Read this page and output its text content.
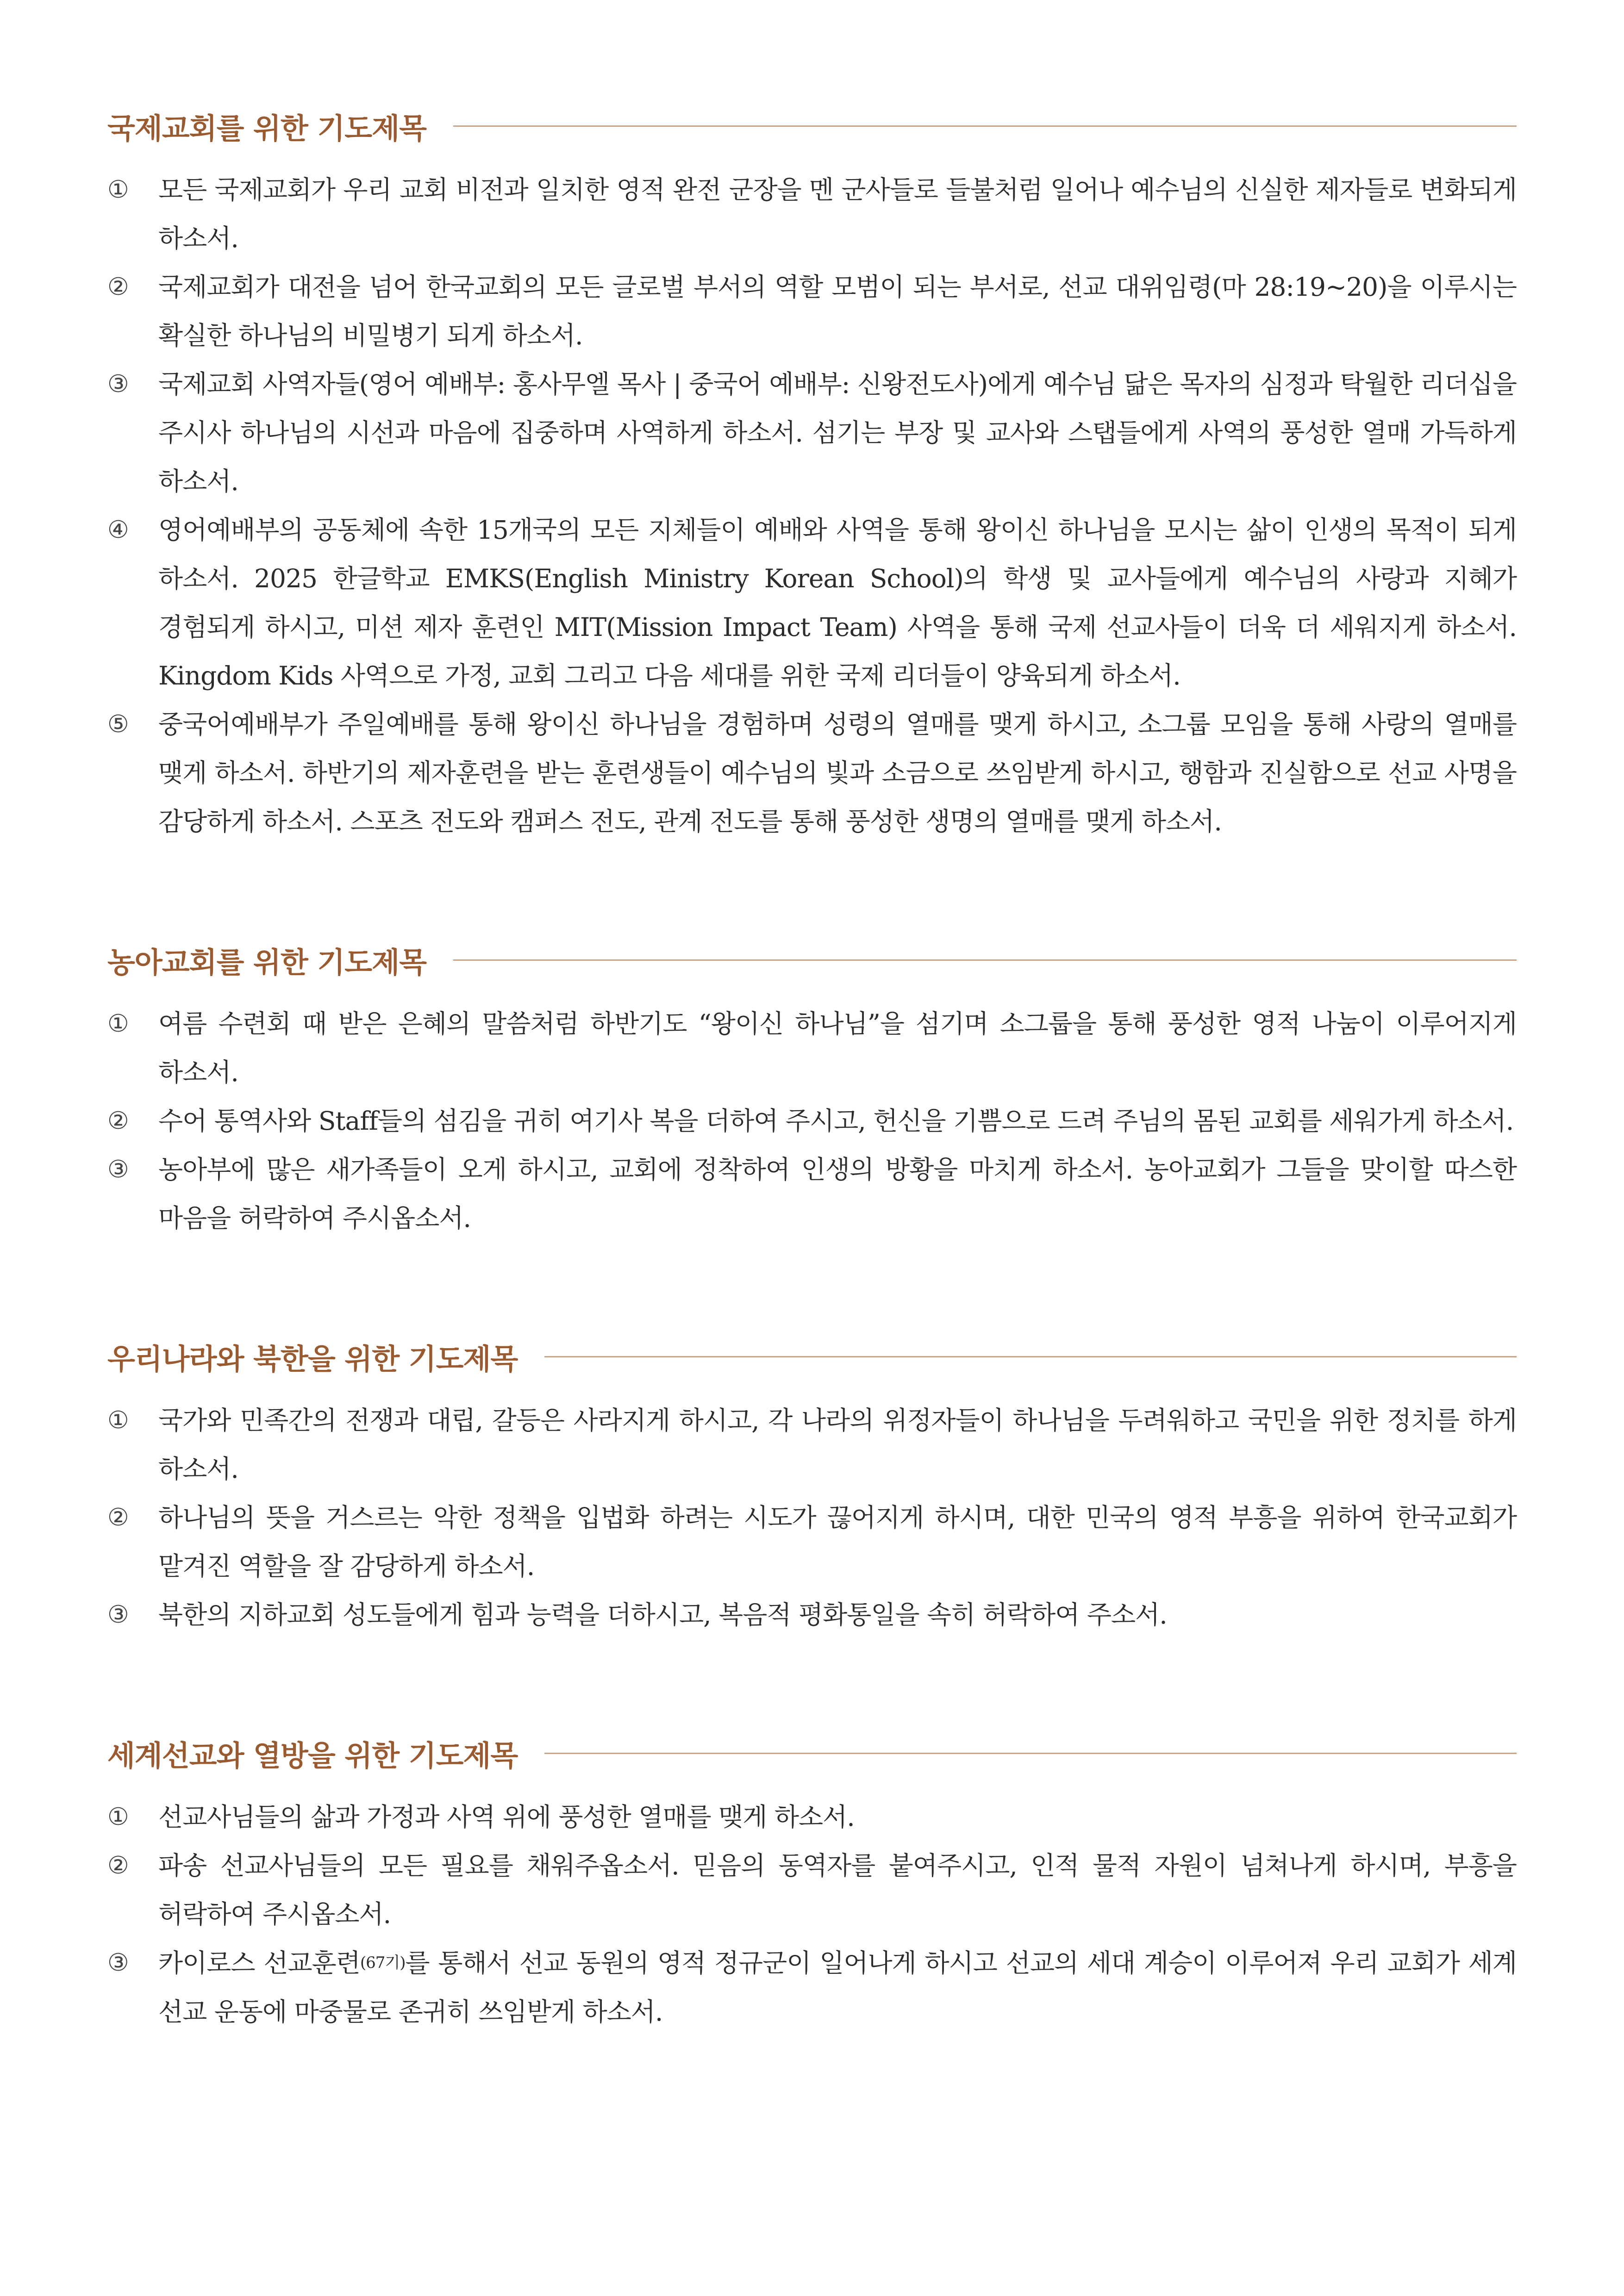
국제교회를 위한 기도제목
①	모든 국제교회가 우리 교회 비전과 일치한 영적 완전 군장을 멘 군사들로 들불처럼 일어나 예수님의 신실한 제자들로 변화되게 하소서.
②	국제교회가 대전을 넘어 한국교회의 모든 글로벌 부서의 역할 모범이 되는 부서로, 선교 대위임령(마 28:19~20)을 이루시는 확실한 하나님의 비밀병기 되게 하소서.
③	국제교회 사역자들(영어 예배부: 홍사무엘 목사 | 중국어 예배부: 신왕전도사)에게 예수님 닮은 목자의 심정과 탁월한 리더십을 주시사 하나님의 시선과 마음에 집중하며 사역하게 하소서. 섬기는 부장 및 교사와 스탭들에게 사역의 풍성한 열매 가득하게 하소서.
④	영어예배부의 공동체에 속한 15개국의 모든 지체들이 예배와 사역을 통해 왕이신 하나님을 모시는 삶이 인생의 목적이 되게 하소서. 2025 한글학교 EMKS(English Ministry Korean School)의 학생 및 교사들에게 예수님의 사랑과 지혜가 경험되게 하시고, 미션 제자 훈련인 MIT(Mission Impact Team) 사역을 통해 국제 선교사들이 더욱 더 세워지게 하소서. Kingdom Kids 사역으로 가정, 교회 그리고 다음 세대를 위한 국제 리더들이 양육되게 하소서.
⑤	중국어예배부가 주일예배를 통해 왕이신 하나님을 경험하며 성령의 열매를 맺게 하시고, 소그룹 모임을 통해 사랑의 열매를 맺게 하소서. 하반기의 제자훈련을 받는 훈련생들이 예수님의 빛과 소금으로 쓰임받게 하시고, 행함과 진실함으로 선교 사명을 감당하게 하소서. 스포츠 전도와 캠퍼스 전도, 관계 전도를 통해 풍성한 생명의 열매를 맺게 하소서.
농아교회를 위한 기도제목
①	여름 수련회 때 받은 은혜의 말씀처럼 하반기도 “왕이신 하나님”을 섬기며 소그룹을 통해 풍성한 영적 나눔이 이루어지게 하소서.
②	수어 통역사와 Staff들의 섬김을 귀히 여기사 복을 더하여 주시고, 헌신을 기쁨으로 드려 주님의 몸된 교회를 세워가게 하소서.
③	농아부에 많은 새가족들이 오게 하시고, 교회에 정착하여 인생의 방황을 마치게 하소서. 농아교회가 그들을 맞이할 따스한 마음을 허락하여 주시옵소서.
우리나라와 북한을 위한 기도제목
①	국가와 민족간의 전쟁과 대립, 갈등은 사라지게 하시고, 각 나라의 위정자들이 하나님을 두려워하고 국민을 위한 정치를 하게 하소서.
②	하나님의 뜻을 거스르는 악한 정책을 입법화 하려는 시도가 끊어지게 하시며, 대한 민국의 영적 부흥을 위하여 한국교회가 맡겨진 역할을 잘 감당하게 하소서.
③	북한의 지하교회 성도들에게 힘과 능력을 더하시고, 복음적 평화통일을 속히 허락하여 주소서.
세계선교와 열방을 위한 기도제목
①	선교사님들의 삶과 가정과 사역 위에 풍성한 열매를 맺게 하소서.
②	파송 선교사님들의 모든 필요를 채워주옵소서. 믿음의 동역자를 붙여주시고, 인적 물적 자원이 넘쳐나게 하시며, 부흥을 허락하여 주시옵소서.
③	카이로스 선교훈련$^{(67기)}$를 통해서 선교 동원의 영적 정규군이 일어나게 하시고 선교의 세대 계승이 이루어져 우리 교회가 세계 선교 운동에 마중물로 존귀히 쓰임받게 하소서.
